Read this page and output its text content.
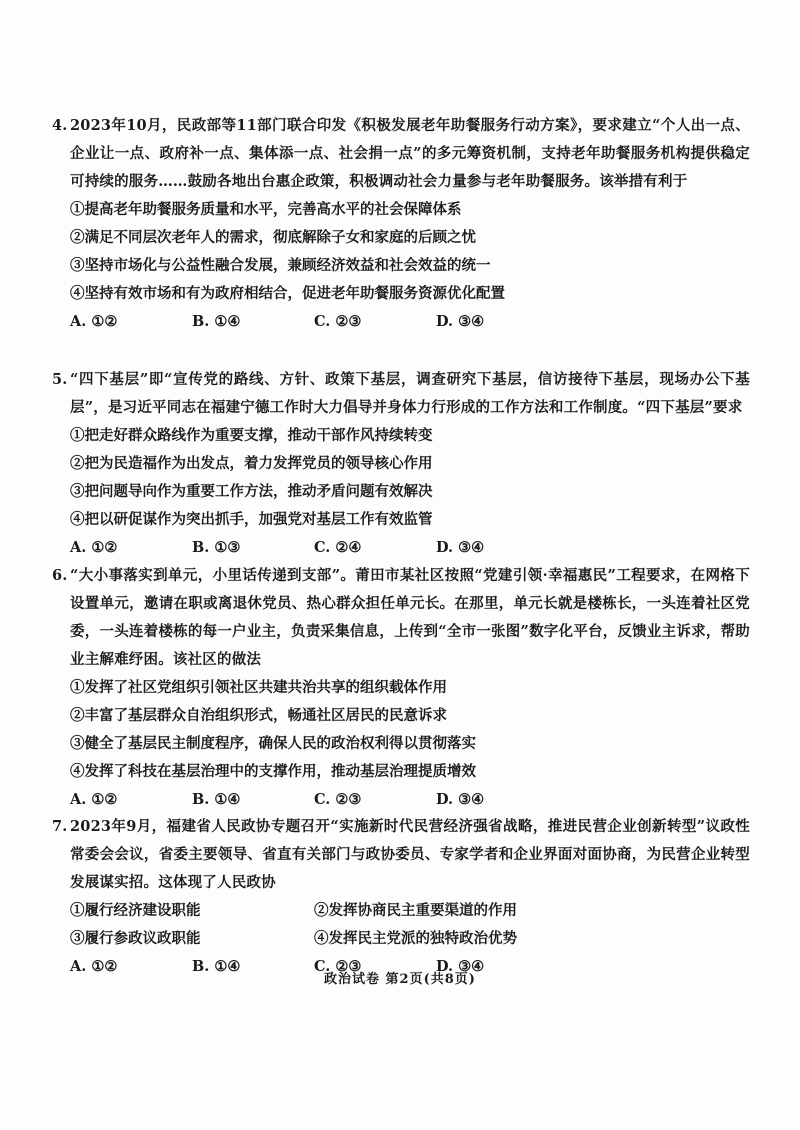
4. 2023年10月，民政部等11部门联合印发《积极发展老年助餐服务行动方案》，要求建立“个人出一点、企业让一点、政府补一点、集体添一点、社会捐一点”的多元筹资机制，支持老年助餐服务机构提供稳定可持续的服务……鼓励各地出台惠企政策，积极调动社会力量参与老年助餐服务。该举措有利于
①提高老年助餐服务质量和水平，完善高水平的社会保障体系
②满足不同层次老年人的需求，彻底解除子女和家庭的后顾之忧
③坚持市场化与公益性融合发展，兼顾经济效益和社会效益的统一
④坚持有效市场和有为政府相结合，促进老年助餐服务资源优化配置
A. ①②	B. ①④	C. ②③	D. ③④
5. “四下基层”即“宣传党的路线、方针、政策下基层，调查研究下基层，信访接待下基层，现场办公下基层”，是习近平同志在福建宁德工作时大力倡导并身体力行形成的工作方法和工作制度。“四下基层”要求
①把走好群众路线作为重要支撑，推动干部作风持续转变
②把为民造福作为出发点，着力发挥党员的领导核心作用
③把问题导向作为重要工作方法，推动矛盾问题有效解决
④把以研促谋作为突出抓手，加强党对基层工作有效监管
A. ①②	B. ①③	C. ②④	D. ③④
6. “大小事落实到单元，小里话传递到支部”。莆田市某社区按照“党建引领·幸福惠民”工程要求，在网格下设置单元，邀请在职或离退休党员、热心群众担任单元长。在那里，单元长就是楼栋长，一头连着社区党委，一头连着楼栋的每一户业主，负责采集信息，上传到“全市一张图”数字化平台，反馈业主诉求，帮助业主解难纾困。该社区的做法
①发挥了社区党组织引领社区共建共治共享的组织载体作用
②丰富了基层群众自治组织形式，畅通社区居民的民意诉求
③健全了基层民主制度程序，确保人民的政治权利得以贯彻落实
④发挥了科技在基层治理中的支撑作用，推动基层治理提质增效
A. ①②	B. ①④	C. ②③	D. ③④
7. 2023年9月，福建省人民政协专题召开“实施新时代民营经济强省战略，推进民营企业创新转型”议政性常委会会议，省委主要领导、省直有关部门与政协委员、专家学者和企业界面对面协商，为民营企业转型发展谋实招。这体现了人民政协
①履行经济建设职能	②发挥协商民主重要渠道的作用
③履行参政议政职能	④发挥民主党派的独特政治优势
A. ①②	B. ①④	C. ②③	D. ③④
政治试卷 第2页(共8页)
